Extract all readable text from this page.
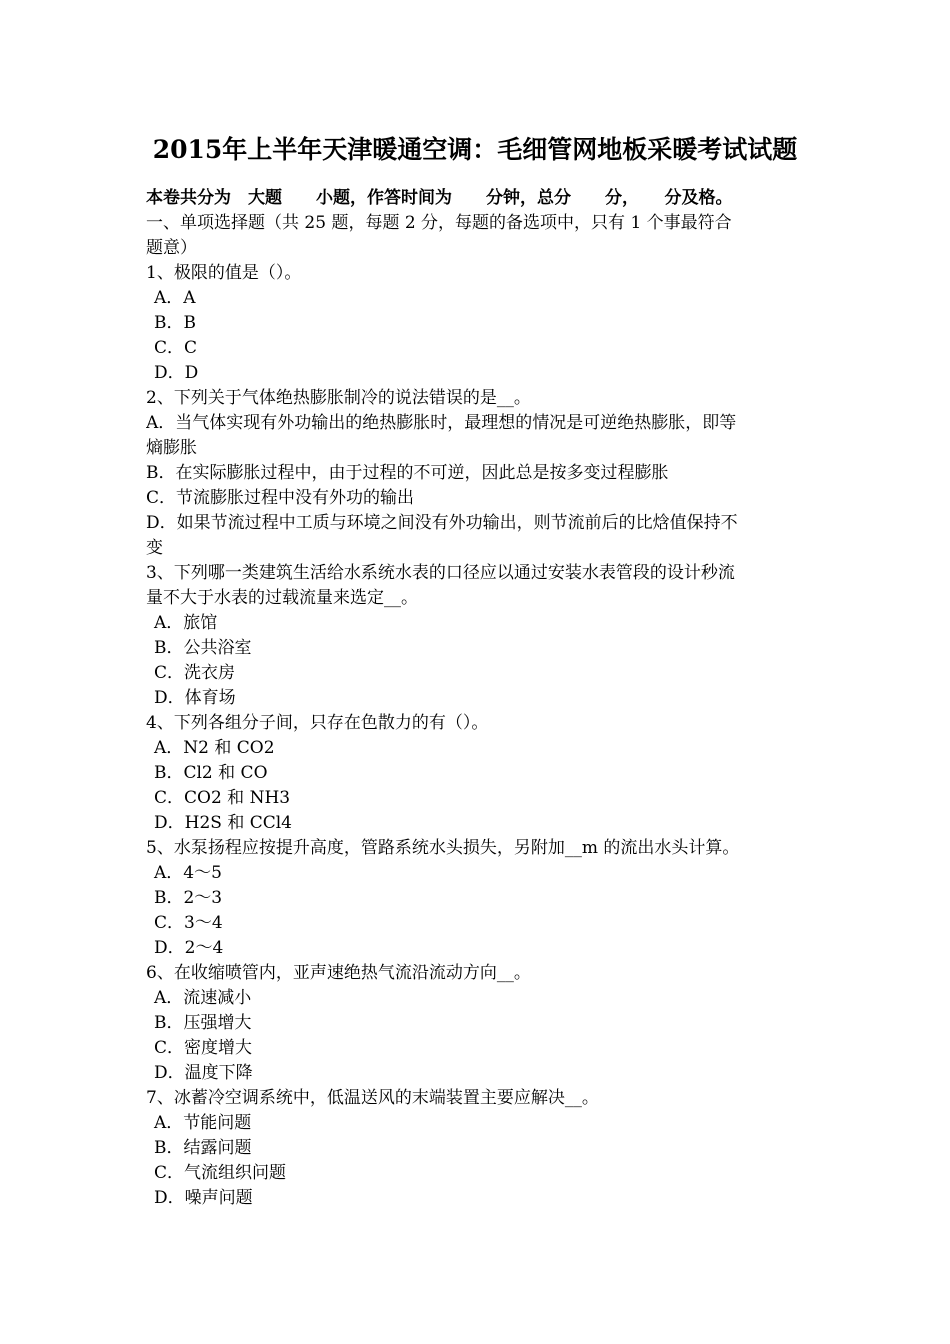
2015年上半年天津暖通空调：毛细管网地板采暖考试试题
本卷共分为　大题　　小题，作答时间为　　分钟，总分　　分，　　分及格。
一、单项选择题（共 25 题，每题 2 分，每题的备选项中，只有 1 个事最符合
题意）
1、极限的值是（）。
A．A
B．B
C．C
D．D
2、下列关于气体绝热膨胀制冷的说法错误的是__。
A．当气体实现有外功输出的绝热膨胀时，最理想的情况是可逆绝热膨胀，即等
熵膨胀
B．在实际膨胀过程中，由于过程的不可逆，因此总是按多变过程膨胀
C．节流膨胀过程中没有外功的输出
D．如果节流过程中工质与环境之间没有外功输出，则节流前后的比焓值保持不
变
3、下列哪一类建筑生活给水系统水表的口径应以通过安装水表管段的设计秒流
量不大于水表的过载流量来选定__。
A．旅馆
B．公共浴室
C．洗衣房
D．体育场
4、下列各组分子间，只存在色散力的有（）。
A．N2 和 CO2
B．Cl2 和 CO
C．CO2 和 NH3
D．H2S 和 CCl4
5、水泵扬程应按提升高度，管路系统水头损失，另附加__m 的流出水头计算。
A．4～5
B．2～3
C．3～4
D．2～4
6、在收缩喷管内，亚声速绝热气流沿流动方向__。
A．流速减小
B．压强增大
C．密度增大
D．温度下降
7、冰蓄冷空调系统中，低温送风的末端装置主要应解决__。
A．节能问题
B．结露问题
C．气流组织问题
D．噪声问题
